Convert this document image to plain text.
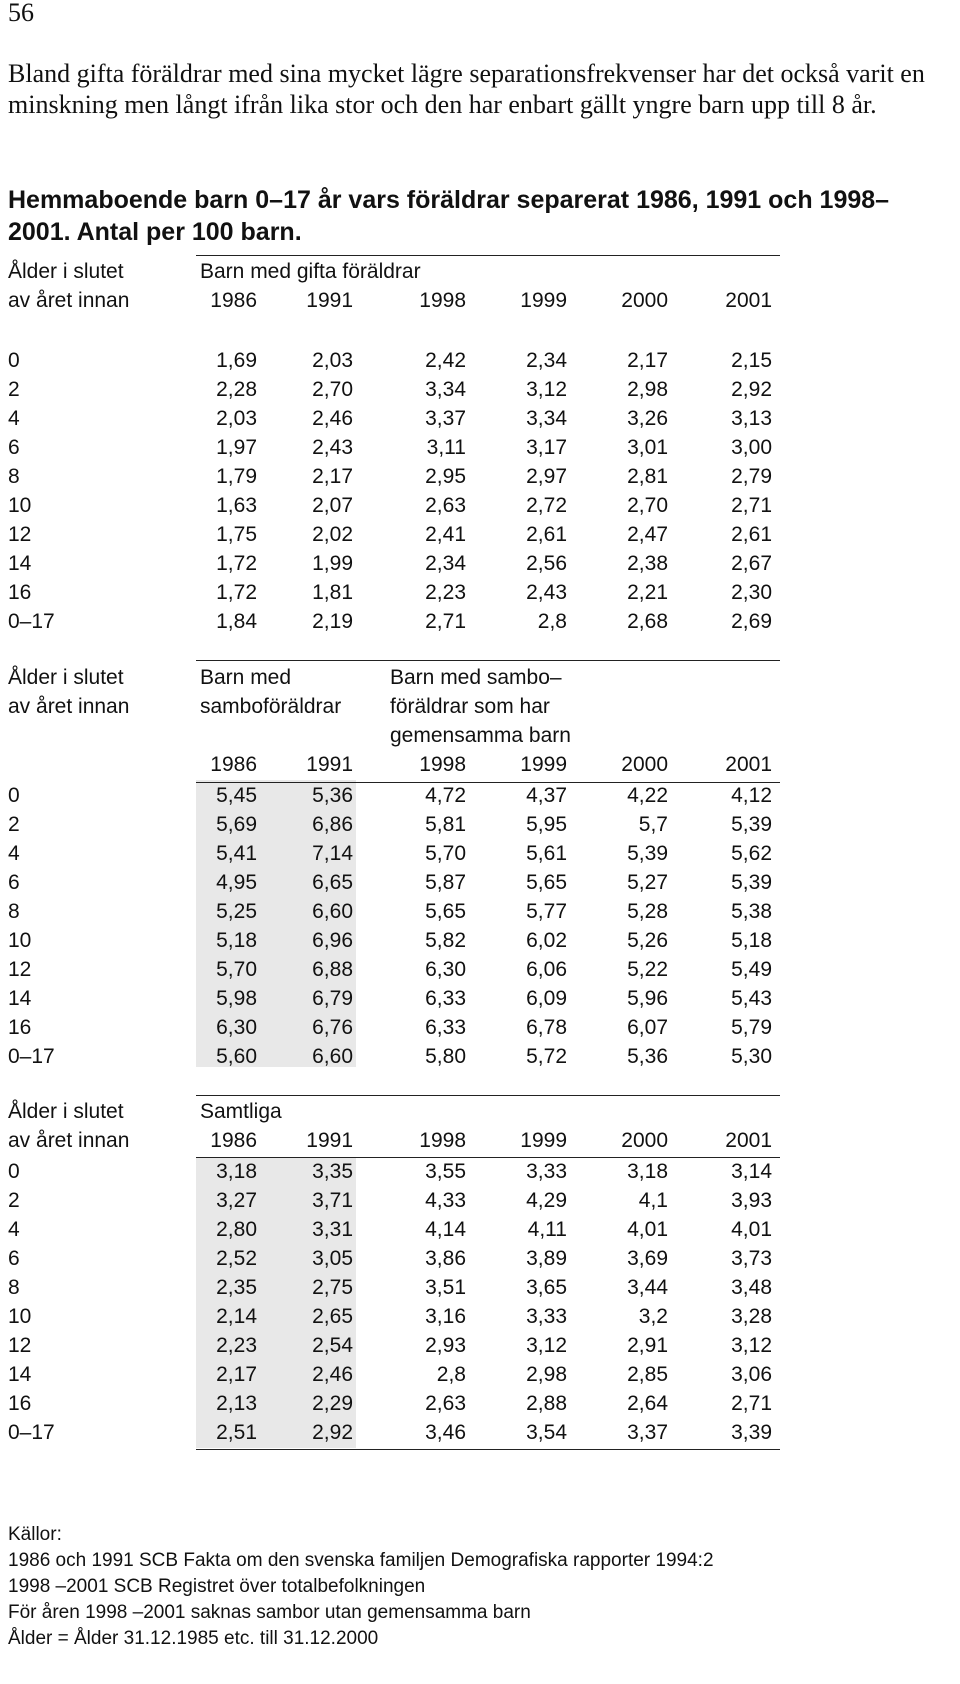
56
Bland gifta föräldrar med sina mycket lägre separationsfrekvenser har det också varit en minskning men långt ifrån lika stor och den har enbart gällt yngre barn upp till 8 år.
Hemmaboende barn 0–17 år vars föräldrar separerat 1986, 1991 och 1998–2001. Antal per 100 barn.
Ålder i slutet
av året innan
Barn med gifta föräldrar
1986	1991	1998	1999	2000	2001
0	1,69	2,03	2,42	2,34	2,17	2,15
2	2,28	2,70	3,34	3,12	2,98	2,92
4	2,03	2,46	3,37	3,34	3,26	3,13
6	1,97	2,43	3,11	3,17	3,01	3,00
8	1,79	2,17	2,95	2,97	2,81	2,79
10	1,63	2,07	2,63	2,72	2,70	2,71
12	1,75	2,02	2,41	2,61	2,47	2,61
14	1,72	1,99	2,34	2,56	2,38	2,67
16	1,72	1,81	2,23	2,43	2,21	2,30
0–17	1,84	2,19	2,71	2,8	2,68	2,69
Ålder i slutet
av året innan
Barn med
samboföräldrar
Barn med sambo–
föräldrar som har
gemensamma barn
1986	1991	1998	1999	2000	2001
0	5,45	5,36	4,72	4,37	4,22	4,12
2	5,69	6,86	5,81	5,95	5,7	5,39
4	5,41	7,14	5,70	5,61	5,39	5,62
6	4,95	6,65	5,87	5,65	5,27	5,39
8	5,25	6,60	5,65	5,77	5,28	5,38
10	5,18	6,96	5,82	6,02	5,26	5,18
12	5,70	6,88	6,30	6,06	5,22	5,49
14	5,98	6,79	6,33	6,09	5,96	5,43
16	6,30	6,76	6,33	6,78	6,07	5,79
0–17	5,60	6,60	5,80	5,72	5,36	5,30
Ålder i slutet
av året innan
Samtliga
1986	1991	1998	1999	2000	2001
0	3,18	3,35	3,55	3,33	3,18	3,14
2	3,27	3,71	4,33	4,29	4,1	3,93
4	2,80	3,31	4,14	4,11	4,01	4,01
6	2,52	3,05	3,86	3,89	3,69	3,73
8	2,35	2,75	3,51	3,65	3,44	3,48
10	2,14	2,65	3,16	3,33	3,2	3,28
12	2,23	2,54	2,93	3,12	2,91	3,12
14	2,17	2,46	2,8	2,98	2,85	3,06
16	2,13	2,29	2,63	2,88	2,64	2,71
0–17	2,51	2,92	3,46	3,54	3,37	3,39
Källor:
1986 och 1991 SCB Fakta om den svenska familjen Demografiska rapporter 1994:2
1998 –2001 SCB Registret över totalbefolkningen
För åren 1998 –2001 saknas sambor utan gemensamma barn
Ålder = Ålder 31.12.1985 etc. till 31.12.2000
